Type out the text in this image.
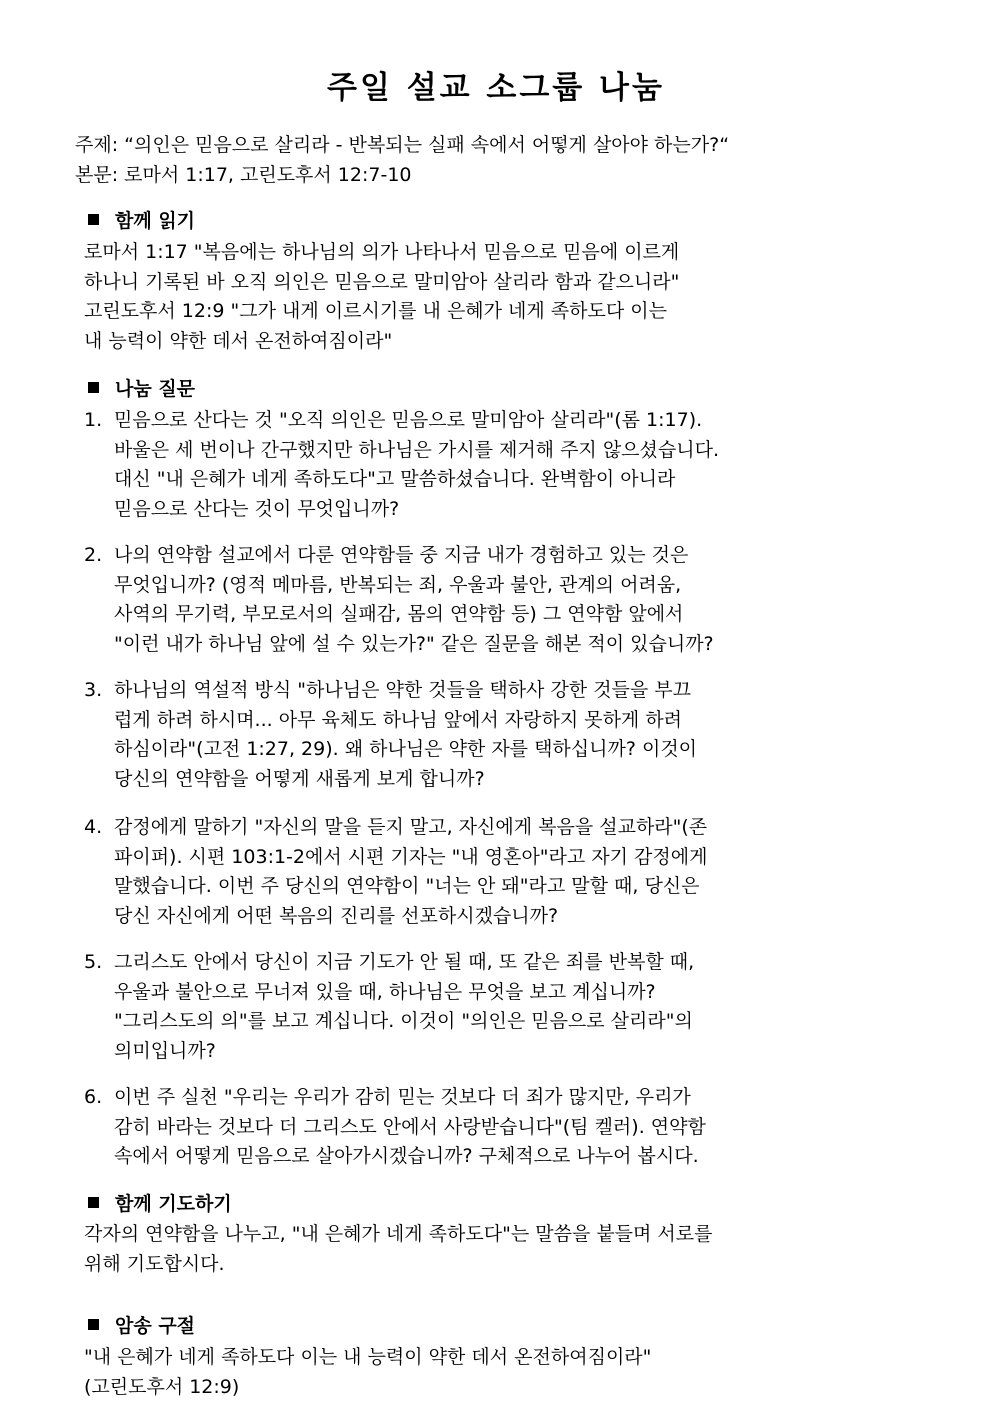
주일 설교 소그룹 나눔
주제: “의인은 믿음으로 살리라 - 반복되는 실패 속에서 어떻게 살아야 하는가?“
본문: 로마서 1:17, 고린도후서 12:7-10
함께 읽기
로마서 1:17 "복음에는 하나님의 의가 나타나서 믿음으로 믿음에 이르게
하나니 기록된 바 오직 의인은 믿음으로 말미암아 살리라 함과 같으니라"
고린도후서 12:9 "그가 내게 이르시기를 내 은혜가 네게 족하도다 이는
내 능력이 약한 데서 온전하여짐이라"
나눔 질문
1. 믿음으로 산다는 것 "오직 의인은 믿음으로 말미암아 살리라"(롬 1:17).
바울은 세 번이나 간구했지만 하나님은 가시를 제거해 주지 않으셨습니다.
대신 "내 은혜가 네게 족하도다"고 말씀하셨습니다. 완벽함이 아니라
믿음으로 산다는 것이 무엇입니까?
2. 나의 연약함 설교에서 다룬 연약함들 중 지금 내가 경험하고 있는 것은
무엇입니까? (영적 메마름, 반복되는 죄, 우울과 불안, 관계의 어려움,
사역의 무기력, 부모로서의 실패감, 몸의 연약함 등) 그 연약함 앞에서
"이런 내가 하나님 앞에 설 수 있는가?" 같은 질문을 해본 적이 있습니까?
3. 하나님의 역설적 방식 "하나님은 약한 것들을 택하사 강한 것들을 부끄
럽게 하려 하시며... 아무 육체도 하나님 앞에서 자랑하지 못하게 하려
하심이라"(고전 1:27, 29). 왜 하나님은 약한 자를 택하십니까? 이것이
당신의 연약함을 어떻게 새롭게 보게 합니까?
4. 감정에게 말하기 "자신의 말을 듣지 말고, 자신에게 복음을 설교하라"(존
파이퍼). 시편 103:1-2에서 시편 기자는 "내 영혼아"라고 자기 감정에게
말했습니다. 이번 주 당신의 연약함이 "너는 안 돼"라고 말할 때, 당신은
당신 자신에게 어떤 복음의 진리를 선포하시겠습니까?
5. 그리스도 안에서 당신이 지금 기도가 안 될 때, 또 같은 죄를 반복할 때,
우울과 불안으로 무너져 있을 때, 하나님은 무엇을 보고 계십니까?
"그리스도의 의"를 보고 계십니다. 이것이 "의인은 믿음으로 살리라"의
의미입니까?
6. 이번 주 실천 "우리는 우리가 감히 믿는 것보다 더 죄가 많지만, 우리가
감히 바라는 것보다 더 그리스도 안에서 사랑받습니다"(팀 켈러). 연약함
속에서 어떻게 믿음으로 살아가시겠습니까? 구체적으로 나누어 봅시다.
함께 기도하기
각자의 연약함을 나누고, "내 은혜가 네게 족하도다"는 말씀을 붙들며 서로를
위해 기도합시다.
암송 구절
"내 은혜가 네게 족하도다 이는 내 능력이 약한 데서 온전하여짐이라"
(고린도후서 12:9)
